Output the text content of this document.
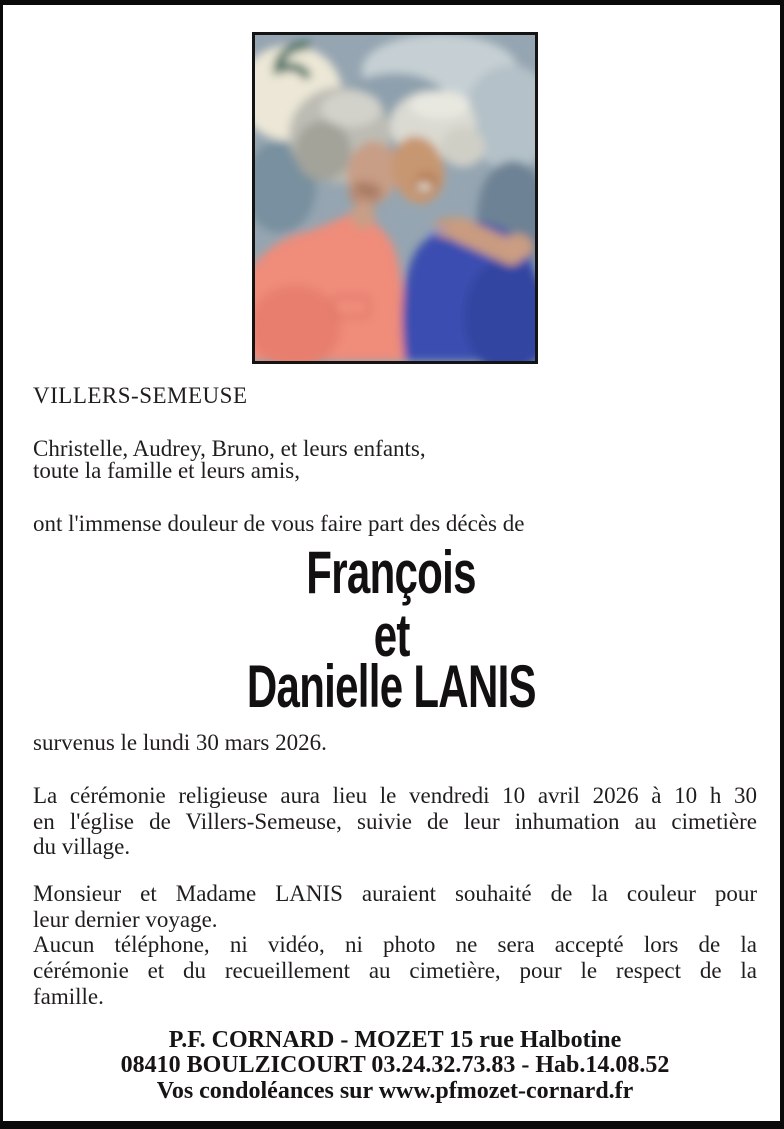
VILLERS-SEMEUSE
Christelle, Audrey, Bruno, et leurs enfants,
toute la famille et leurs amis,
ont l'immense douleur de vous faire part des décès de
François
et
Danielle LANIS
survenus le lundi 30 mars 2026.
La cérémonie religieuse aura lieu le vendredi 10 avril 2026 à 10 h 30
en l'église de Villers-Semeuse, suivie de leur inhumation au cimetière
du village.
Monsieur et Madame LANIS auraient souhaité de la couleur pour
leur dernier voyage.
Aucun téléphone, ni vidéo, ni photo ne sera accepté lors de la
cérémonie et du recueillement au cimetière, pour le respect de la
famille.
P.F. CORNARD - MOZET 15 rue Halbotine
08410 BOULZICOURT 03.24.32.73.83 - Hab.14.08.52
Vos condoléances sur www.pfmozet-cornard.fr
